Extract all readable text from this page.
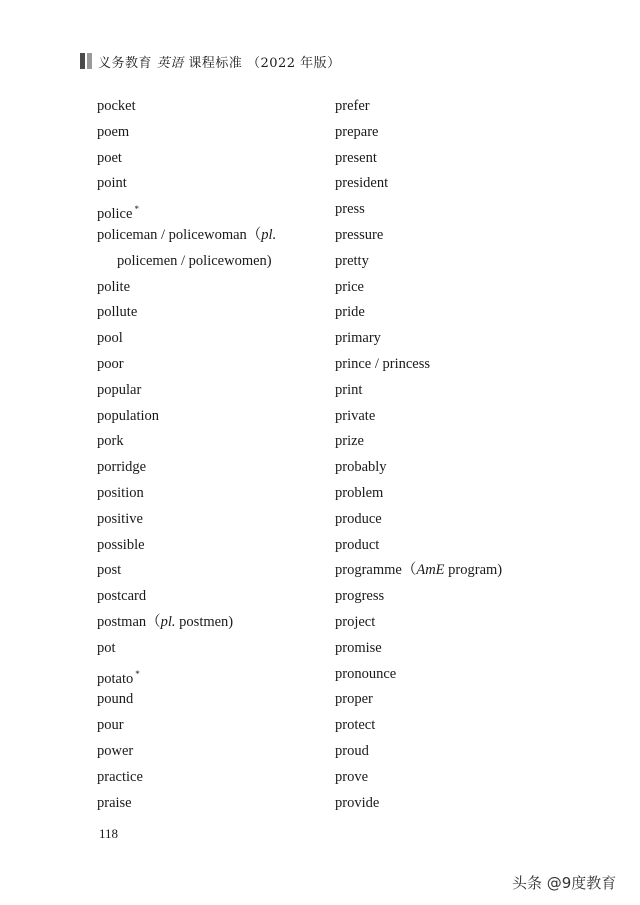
义务教育 英语 课程标准 （2022 年版）
pocket
poem
poet
point
police *
policeman / policewoman（pl.
policemen / policewomen)
polite
pollute
pool
poor
popular
population
pork
porridge
position
positive
possible
post
postcard
postman（pl. postmen)
pot
potato *
pound
pour
power
practice
praise
prefer
prepare
present
president
press
pressure
pretty
price
pride
primary
prince / princess
print
private
prize
probably
problem
produce
product
programme（AmE program)
progress
project
promise
pronounce
proper
protect
proud
prove
provide
118
头条 @9度教育
